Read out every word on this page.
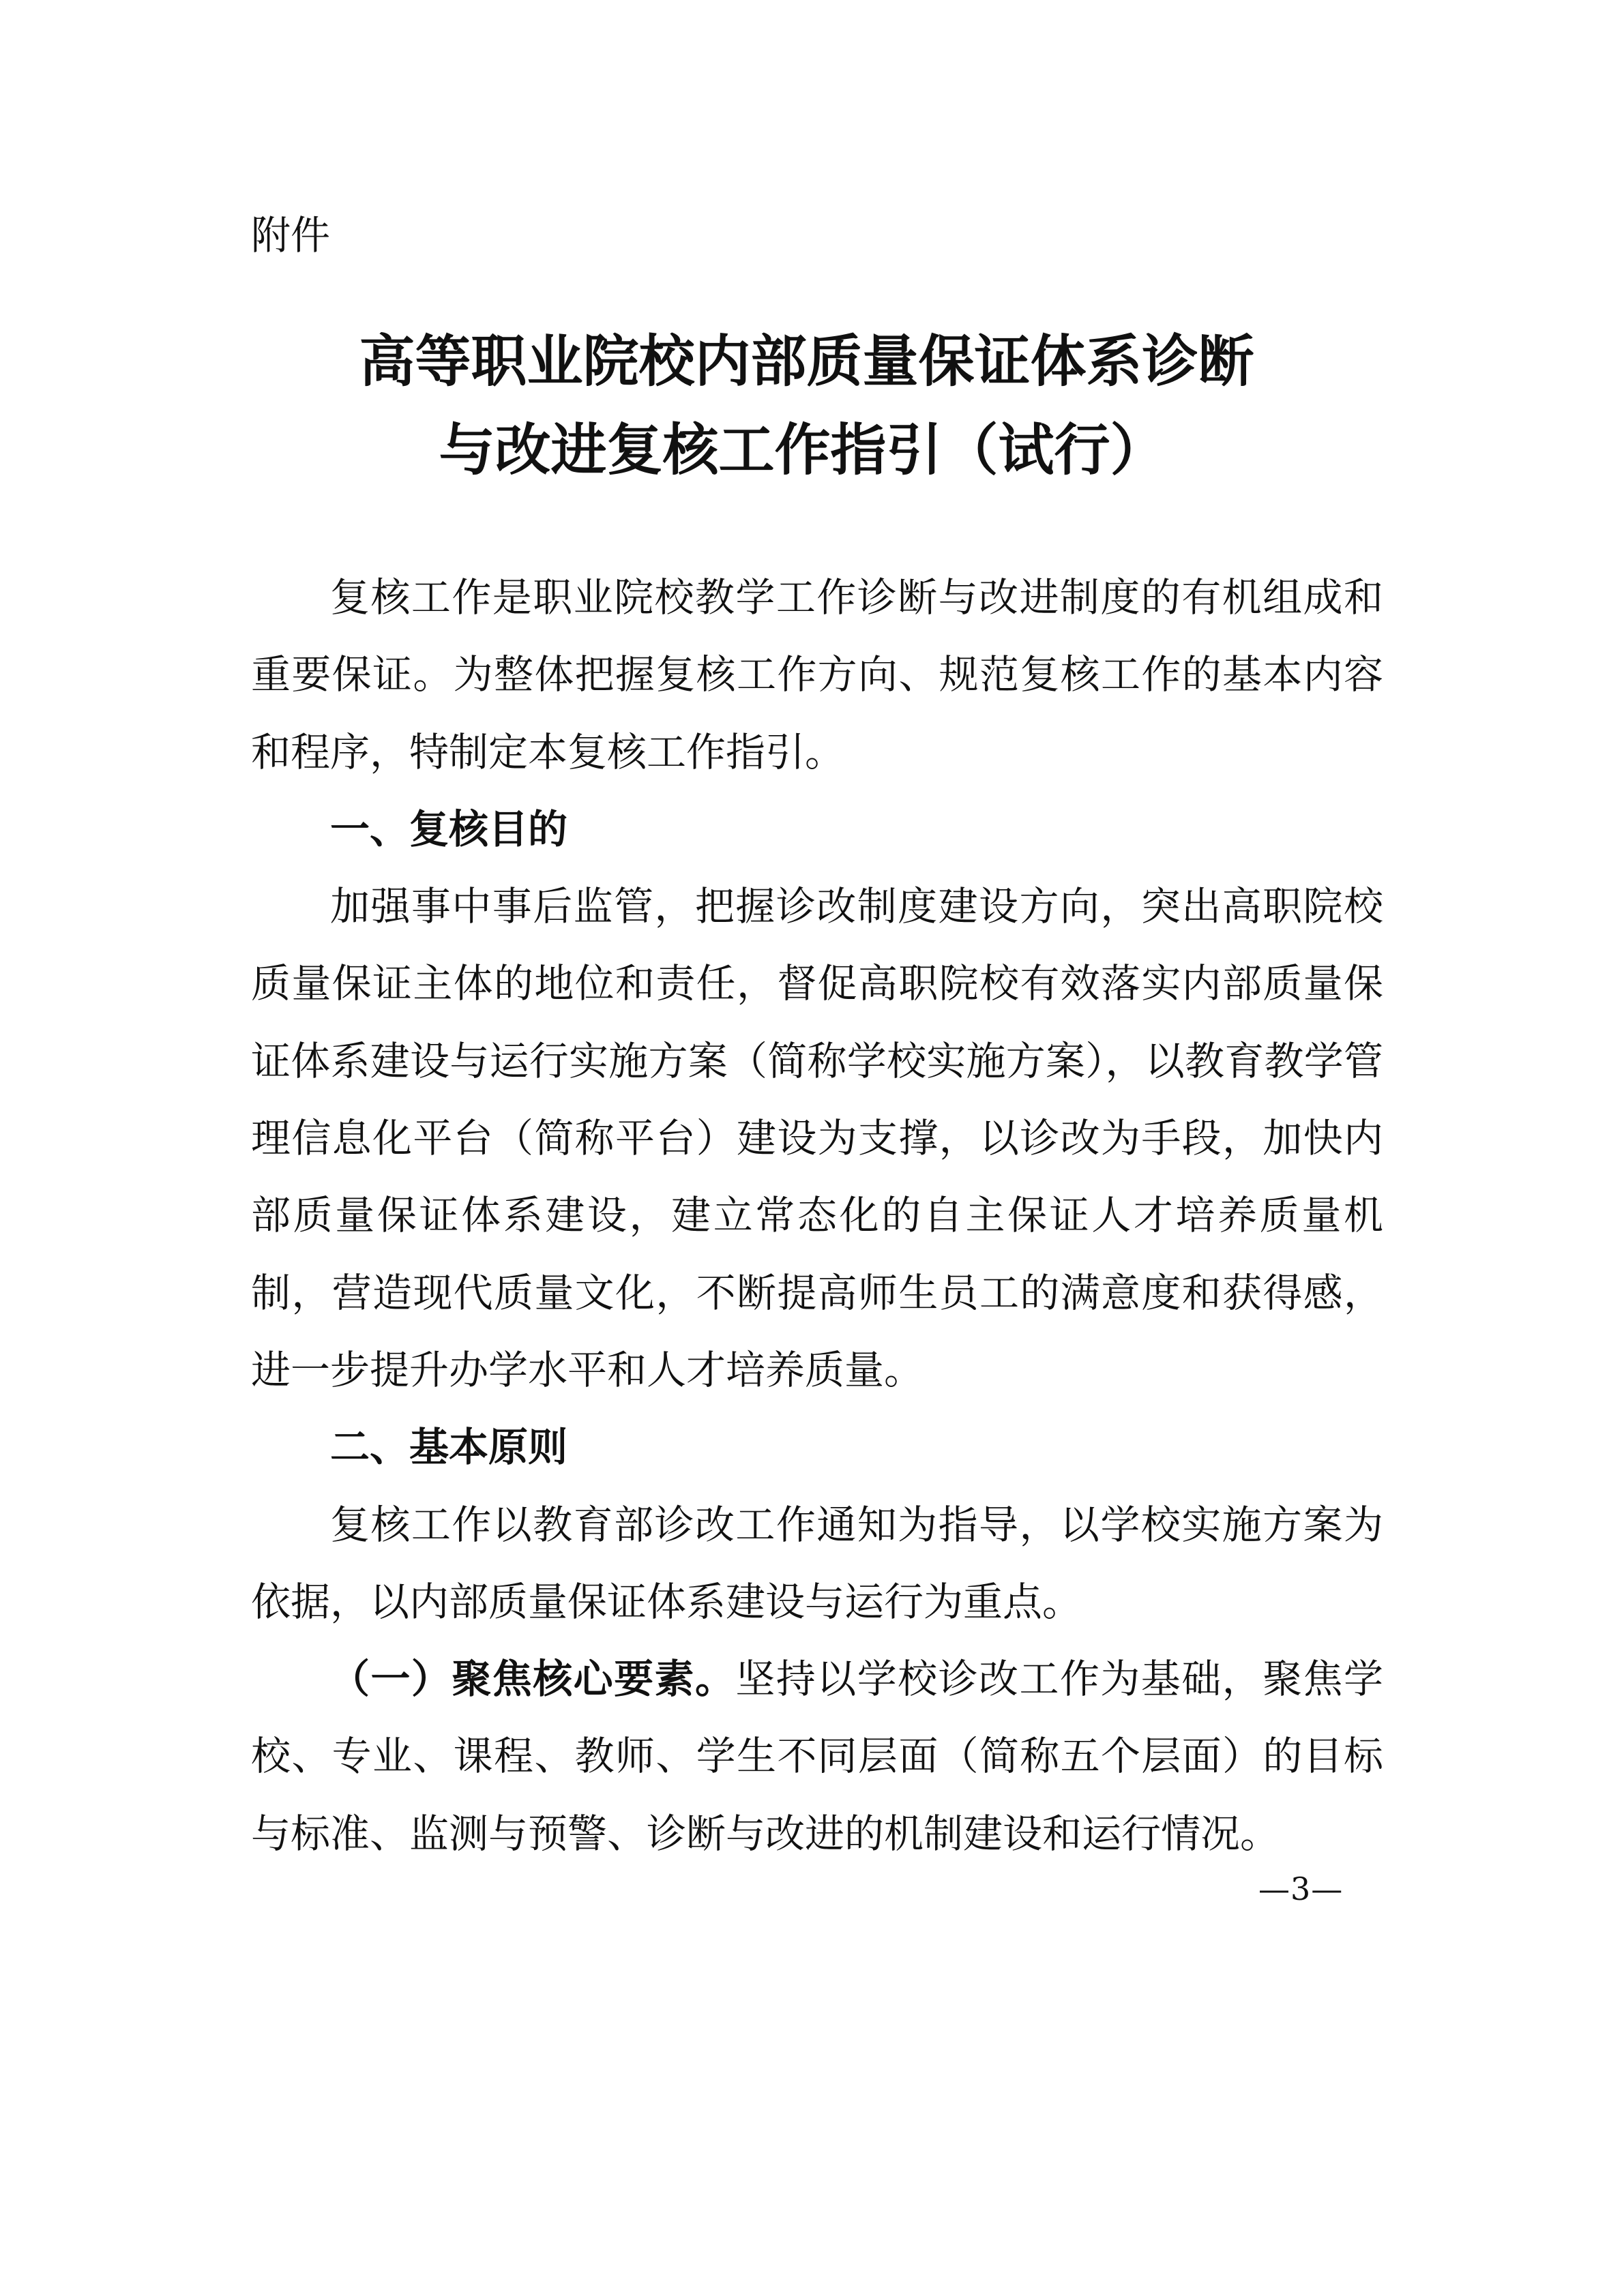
附件

高等职业院校内部质量保证体系诊断
与改进复核工作指引（试行）

复核工作是职业院校教学工作诊断与改进制度的有机组成和重要保证。为整体把握复核工作方向、规范复核工作的基本内容和程序，特制定本复核工作指引。

一、复核目的

加强事中事后监管，把握诊改制度建设方向，突出高职院校质量保证主体的地位和责任，督促高职院校有效落实内部质量保证体系建设与运行实施方案（简称学校实施方案），以教育教学管理信息化平台（简称平台）建设为支撑，以诊改为手段，加快内部质量保证体系建设，建立常态化的自主保证人才培养质量机制，营造现代质量文化，不断提高师生员工的满意度和获得感，进一步提升办学水平和人才培养质量。

二、基本原则

复核工作以教育部诊改工作通知为指导，以学校实施方案为依据，以内部质量保证体系建设与运行为重点。

（一）聚焦核心要素。坚持以学校诊改工作为基础，聚焦学校、专业、课程、教师、学生不同层面（简称五个层面）的目标与标准、监测与预警、诊断与改进的机制建设和运行情况。

—3—
